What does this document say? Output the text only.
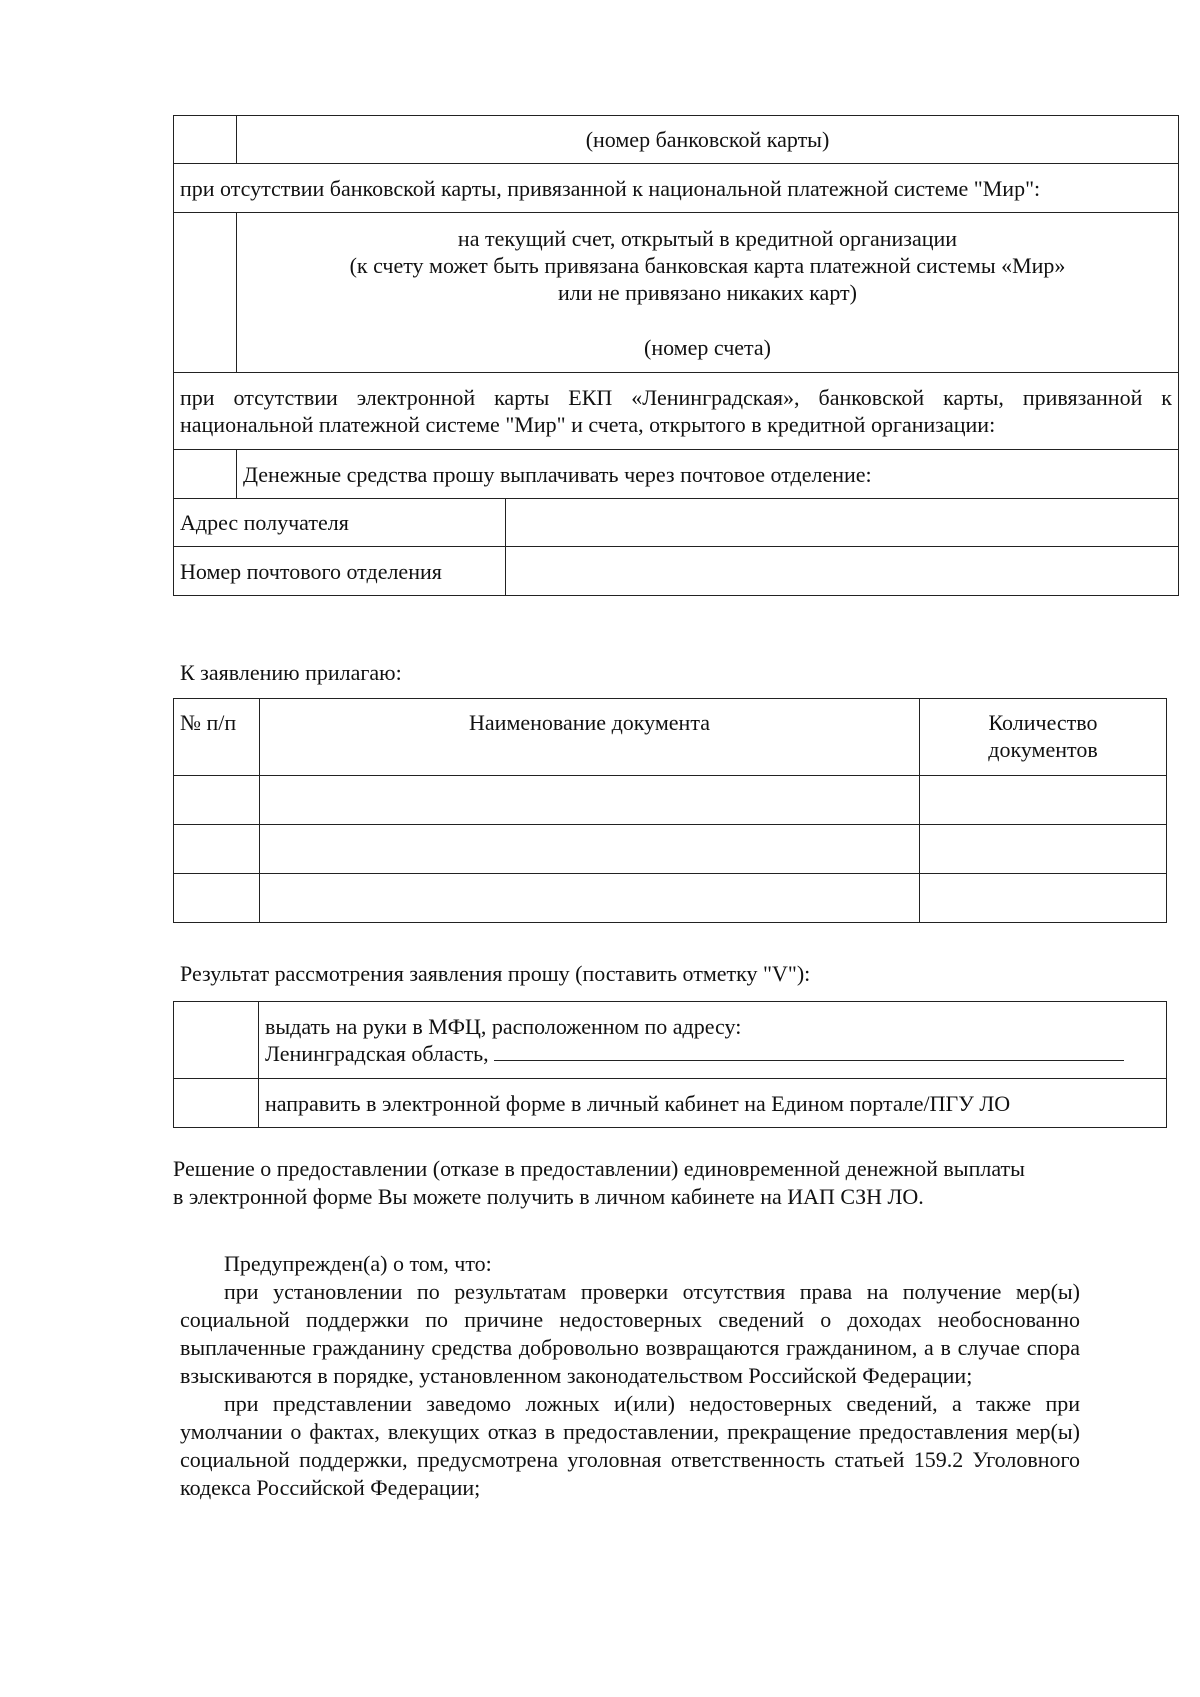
	(номер банковской карты)	
при отсутствии банковской карты, привязанной к национальной платежной системе "Мир":		

	на текущий счет, открытый в кредитной организации
(к счету может быть привязана банковская карта платежной системы «Мир»
или не привязано никаких карт)
(номер счета)	

при отсутствии электронной карты ЕКП «Ленинградская», банковской карты, привязанной к
национальной платежной системе "Мир" и счета, открытого в кредитной организации:		

	Денежные средства прошу выплачивать через почтовое отделение:	
Адрес получателя		
Номер почтового отделения		
К заявлению прилагаю:
№ п/п	Наименование документа	Количество
документов

Результат рассмотрения заявления прошу (поставить отметку "V"):

	выдать на руки в МФЦ, расположенном по адресу:
Ленинградская область,

	направить в электронной форме в личный кабинет на Едином портале/ПГУ ЛО
Решение о предоставлении (отказе в предоставлении) единовременной денежной выплаты
в электронной форме Вы можете получить в личном кабинете на ИАП СЗН ЛО.

Предупрежден(а) о том, что:

при установлении по результатам проверки отсутствия права на получение мер(ы) социальной поддержки по причине недостоверных сведений о доходах необоснованно выплаченные гражданину средства добровольно возвращаются гражданином, а в случае спора взыскиваются в порядке, установленном законодательством Российской Федерации;

при представлении заведомо ложных и(или) недостоверных сведений, а также при умолчании о фактах, влекущих отказ в предоставлении, прекращение предоставления мер(ы) социальной поддержки, предусмотрена уголовная ответственность статьей 159.2 Уголовного кодекса Российской Федерации;
